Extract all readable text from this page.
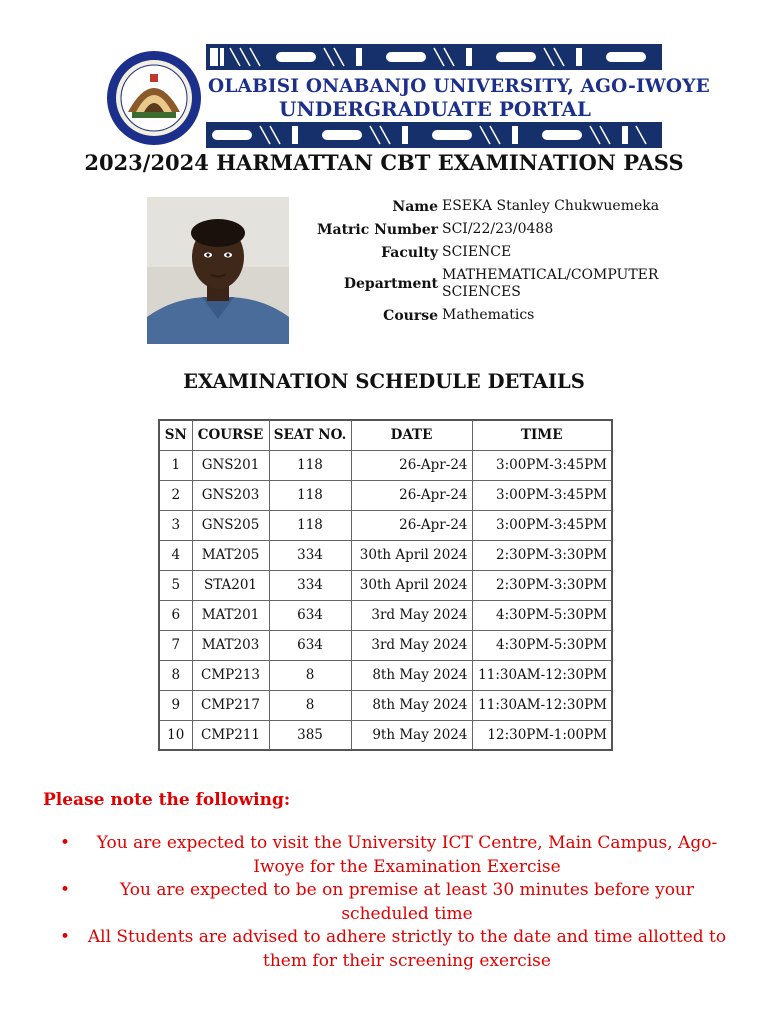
OLABISI ONABANJO UNIVERSITY, AGO-IWOYE
UNDERGRADUATE PORTAL
2023/2024 HARMATTAN CBT EXAMINATION PASS
Name ESEKA Stanley Chukwuemeka
Matric Number SCI/22/23/0488
Faculty SCIENCE
Department
MATHEMATICAL/COMPUTER SCIENCES
Course Mathematics
EXAMINATION SCHEDULE DETAILS
SN	COURSE	SEAT NO.	DATE	TIME
1	GNS201	118	26-Apr-24	3:00PM-3:45PM
2	GNS203	118	26-Apr-24	3:00PM-3:45PM
3	GNS205	118	26-Apr-24	3:00PM-3:45PM
4	MAT205	334	30th April 2024	2:30PM-3:30PM
5	STA201	334	30th April 2024	2:30PM-3:30PM
6	MAT201	634	3rd May 2024	4:30PM-5:30PM
7	MAT203	634	3rd May 2024	4:30PM-5:30PM
8	CMP213	8	8th May 2024	11:30AM-12:30PM
9	CMP217	8	8th May 2024	11:30AM-12:30PM
10	CMP211	385	9th May 2024	12:30PM-1:00PM
Please note the following:
• You are expected to visit the University ICT Centre, Main Campus, Ago-Iwoye for the Examination Exercise
•	You are expected to be on premise at least 30 minutes before your scheduled time
• All Students are advised to adhere strictly to the date and time allotted to them for their screening exercise
